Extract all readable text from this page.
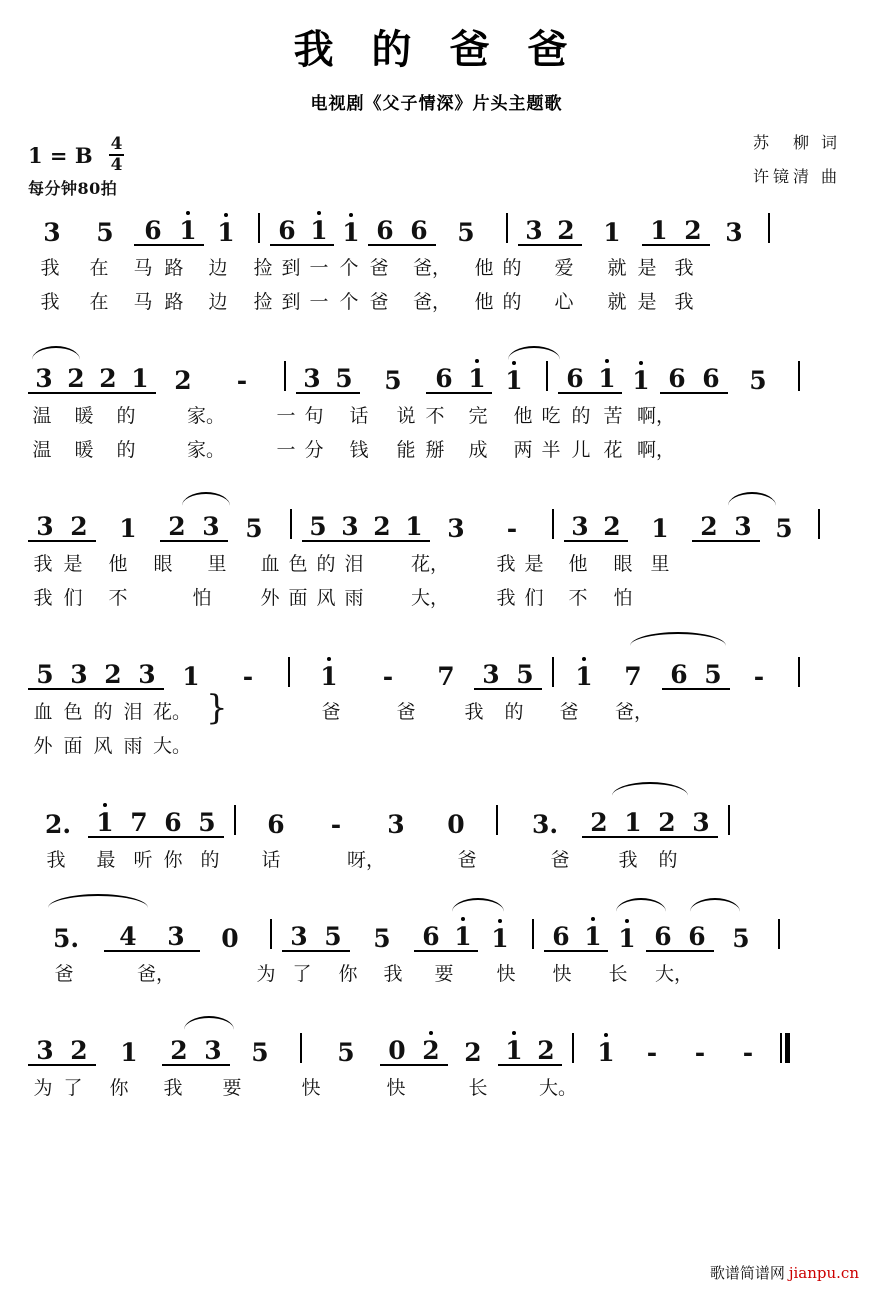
我 的 爸 爸
电视剧《父子情深》片头主题歌
1 = B $\frac{4}{4}$	苏　柳 词
许镜清 曲
每分钟80拍
3	5	6 1 1	6 1 1 6 6	5	3 2	1	1 2 3
我	在	马 路	边	捡 到 一 个 爸	爸，	他 的	爱	就 是 我
我	在	马 路	边	捡 到 一 个 爸	爸，	他 的	心	就 是 我
3 2 2 1	2	-	3 5	5	6 1 1	6 1 1 6 6	5
温	暖	的	家。	一 句	话	说 不	完	他 吃 的 苦 啊，
温	暖	的	家。	一 分	钱	能 掰	成	两 半 儿 花 啊，
3 2	1	2 3	5	5 3 2 1 3	-	3 2	1	2 3 5
我 是	他	眼	里	血 色 的 泪	花，	我 是	他	眼 里
我 们	不	怕	外 面 风 雨	大，	我 们	不	怕
5 3 2 3	1	-	1	-	7	3 5	1	7	6 5	-
}
血 色 的 泪 花。	爸	爸	我	的	爸	爸，
外 面 风 雨 大。
2.	1 7 6 5	6	-	3	0	3.	2 1 2 3
我	最 听 你 的	话	呀，	爸	爸	我	的
5.	4	3	0	3 5	5	6 1 1	6 1 1 6 6	5
爸	爸，	为 了	你	我	要	快	快	长	大，
3 2	1	2 3	5	5	0 2 2 1 2	1	-	-	-
为 了	你	我	要	快	快	长	大。
歌谱简谱网 jianpu.cn
